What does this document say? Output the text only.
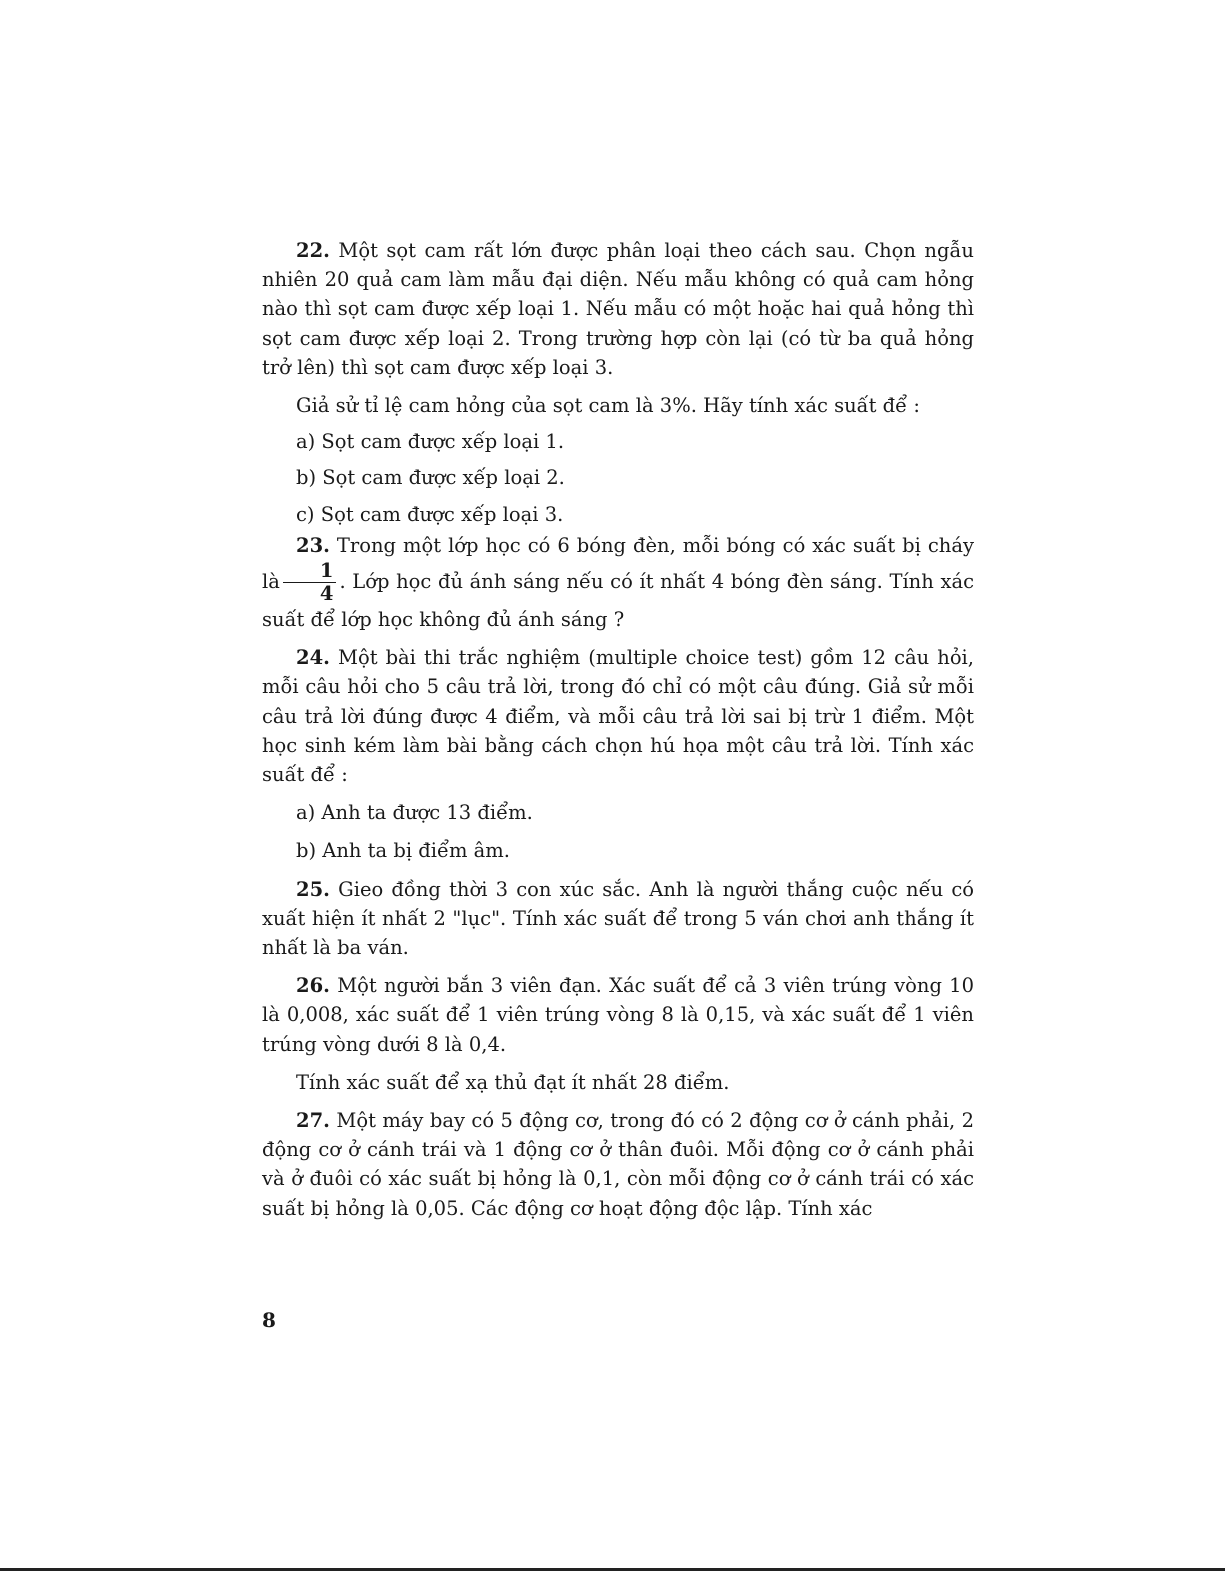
22. Một sọt cam rất lớn được phân loại theo cách sau. Chọn ngẫu nhiên 20 quả cam làm mẫu đại diện. Nếu mẫu không có quả cam hỏng nào thì sọt cam được xếp loại 1. Nếu mẫu có một hoặc hai quả hỏng thì sọt cam được xếp loại 2. Trong trường hợp còn lại (có từ ba quả hỏng trở lên) thì sọt cam được xếp loại 3.

Giả sử tỉ lệ cam hỏng của sọt cam là 3%. Hãy tính xác suất để :

a) Sọt cam được xếp loại 1.

b) Sọt cam được xếp loại 2.

c) Sọt cam được xếp loại 3.

23. Trong một lớp học có 6 bóng đèn, mỗi bóng có xác suất bị cháy là $\frac{1}{4}$ . Lớp học đủ ánh sáng nếu có ít nhất 4 bóng đèn sáng. Tính xác suất để lớp học không đủ ánh sáng ?

24. Một bài thi trắc nghiệm (multiple choice test) gồm 12 câu hỏi, mỗi câu hỏi cho 5 câu trả lời, trong đó chỉ có một câu đúng. Giả sử mỗi câu trả lời đúng được 4 điểm, và mỗi câu trả lời sai bị trừ 1 điểm. Một học sinh kém làm bài bằng cách chọn hú họa một câu trả lời. Tính xác suất để :

a) Anh ta được 13 điểm.

b) Anh ta bị điểm âm.

25. Gieo đồng thời 3 con xúc sắc. Anh là người thắng cuộc nếu có xuất hiện ít nhất 2 "lục". Tính xác suất để trong 5 ván chơi anh thắng ít nhất là ba ván.

26. Một người bắn 3 viên đạn. Xác suất để cả 3 viên trúng vòng 10 là 0,008, xác suất để 1 viên trúng vòng 8 là 0,15, và xác suất để 1 viên trúng vòng dưới 8 là 0,4.

Tính xác suất để xạ thủ đạt ít nhất 28 điểm.

27. Một máy bay có 5 động cơ, trong đó có 2 động cơ ở cánh phải, 2 động cơ ở cánh trái và 1 động cơ ở thân đuôi. Mỗi động cơ ở cánh phải và ở đuôi có xác suất bị hỏng là 0,1, còn mỗi động cơ ở cánh trái có xác suất bị hỏng là 0,05. Các động cơ hoạt động độc lập. Tính xác

8
